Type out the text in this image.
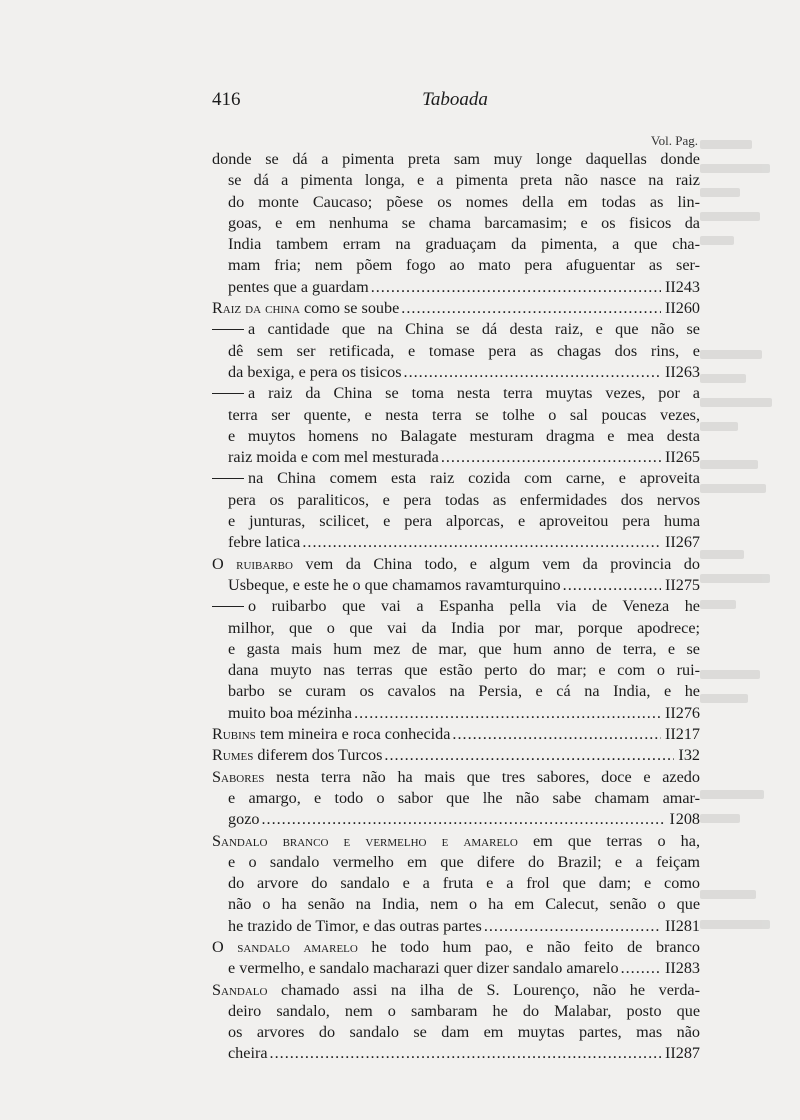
416	Taboada
Vol. Pag.
donde se dá a pimenta preta sam muy longe daquellas donde
se dá a pimenta longa, e a pimenta preta não nasce na raiz
do monte Caucaso; põese os nomes della em todas as lin-
goas, e em nenhuma se chama barcamasim; e os fisicos da
India tambem erram na graduaçam da pimenta, a que cha-
mam fria; nem põem fogo ao mato pera afuguentar as ser-
pentes que a guardam .....	II 243
Raiz da china como se soube .....	II 260
a cantidade que na China se dá desta raiz, e que não se
dê sem ser retificada, e tomase pera as chagas dos rins, e
da bexiga, e pera os tisicos .....	II 263
a raiz da China se toma nesta terra muytas vezes, por a
terra ser quente, e nesta terra se tolhe o sal poucas vezes,
e muytos homens no Balagate mesturam dragma e mea desta
raiz moida e com mel mesturada .....	II 265
na China comem esta raiz cozida com carne, e aproveita
pera os paraliticos, e pera todas as enfermidades dos nervos
e junturas, scilicet, e pera alporcas, e aproveitou pera huma
febre latica .....	II 267
O ruibarbo vem da China todo, e algum vem da provincia do
Usbeque, e este he o que chamamos ravamturquino .....	II 275
o ruibarbo que vai a Espanha pella via de Veneza he
milhor, que o que vai da India por mar, porque apodrece;
e gasta mais hum mez de mar, que hum anno de terra, e se
dana muyto nas terras que estão perto do mar; e com o rui-
barbo se curam os cavalos na Persia, e cá na India, e he
muito boa mézinha .....	II 276
Rubins tem mineira e roca conhecida .....	II 217
Rumes diferem dos Turcos .....	I 32
Sabores nesta terra não ha mais que tres sabores, doce e azedo
e amargo, e todo o sabor que lhe não sabe chamam amar-
gozo .....	I 208
Sandalo branco e vermelho e amarelo em que terras o ha,
e o sandalo vermelho em que difere do Brazil; e a feiçam
do arvore do sandalo e a fruta e a frol que dam; e como
não o ha senão na India, nem o ha em Calecut, senão o que
he trazido de Timor, e das outras partes .....	II 281
O sandalo amarelo he todo hum pao, e não feito de branco
e vermelho, e sandalo macharazi quer dizer sandalo amarelo .....	II 283
Sandalo chamado assi na ilha de S. Lourenço, não he verda-
deiro sandalo, nem o sambaram he do Malabar, posto que
os arvores do sandalo se dam em muytas partes, mas não
cheira .....	II 287
